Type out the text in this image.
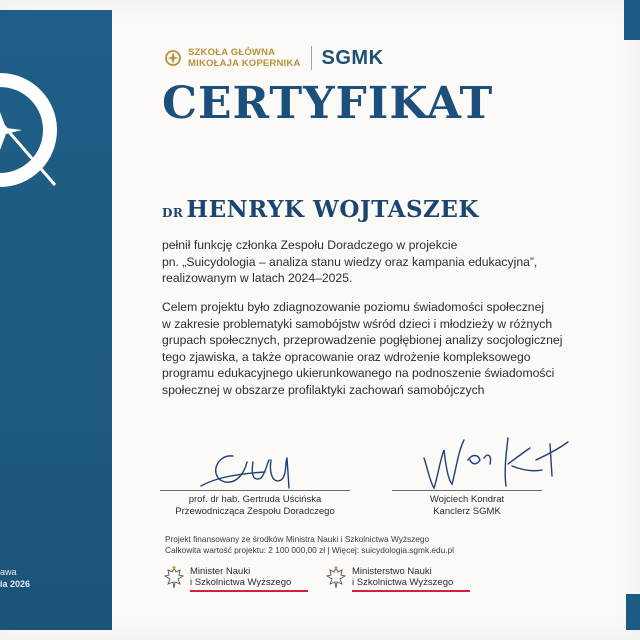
awa
ia 2026
SZKOŁA GŁÓWNA
MIKOŁAJA KOPERNIKA SGMK
CERTYFIKAT
DR HENRYK WOJTASZEK
pełnił funkcję członka Zespołu Doradczego w projekcie
pn. „Suicydologia – analiza stanu wiedzy oraz kampania edukacyjna”,
realizowanym w latach 2024–2025.
Celem projektu było zdiagnozowanie poziomu świadomości społecznej
w zakresie problematyki samobójstw wśród dzieci i młodzieży w różnych
grupach społecznych, przeprowadzenie pogłębionej analizy socjologicznej
tego zjawiska, a także opracowanie oraz wdrożenie kompleksowego
programu edukacyjnego ukierunkowanego na podnoszenie świadomości
społecznej w obszarze profilaktyki zachowań samobójczych
prof. dr hab. Gertruda Uścińska
Przewodnicząca Zespołu Doradczego
Wojciech Kondrat
Kanclerz SGMK
Projekt finansowany ze środków Ministra Nauki i Szkolnictwa Wyższego
Całkowita wartość projektu: 2 100 000,00 zł | Więcej: suicydologia.sgmk.edu.pl
Minister Nauki
i Szkolnictwa Wyższego
Ministerstwo Nauki
i Szkolnictwa Wyższego
